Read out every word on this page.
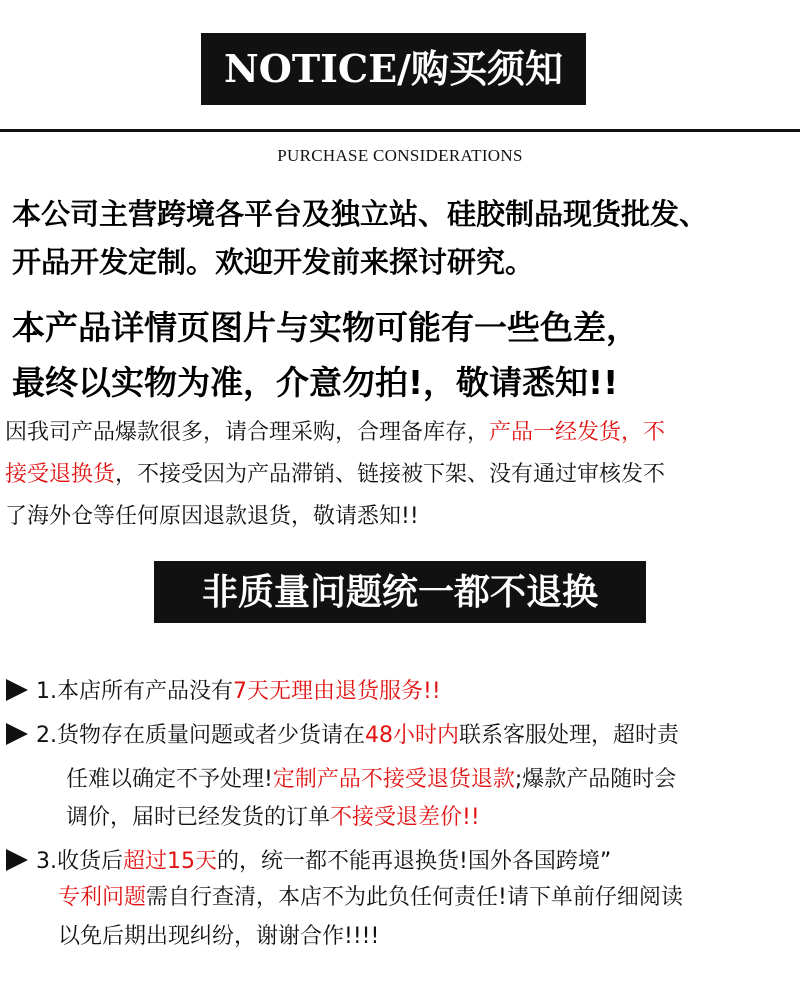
NOTICE/购买须知
PURCHASE CONSIDERATIONS
本公司主营跨境各平台及独立站、硅胶制品现货批发、
开品开发定制。欢迎开发前来探讨研究。
本产品详情页图片与实物可能有一些色差，
最终以实物为准，介意勿拍!，敬请悉知!!
因我司产品爆款很多，请合理采购，合理备库存，产品一经发货，不
接受退换货，不接受因为产品滞销、链接被下架、没有通过审核发不
了海外仓等任何原因退款退货，敬请悉知!!
非质量问题统一都不退换
1.本店所有产品没有7天无理由退货服务!!
2.货物存在质量问题或者少货请在48小时内联系客服处理，超时责
任难以确定不予处理!定制产品不接受退货退款;爆款产品随时会
调价，届时已经发货的订单不接受退差价!!
3.收货后超过15天的，统一都不能再退换货!国外各国跨境”
专利问题需自行查清，本店不为此负任何责任!请下单前仔细阅读
以免后期出现纠纷，谢谢合作!!!!
